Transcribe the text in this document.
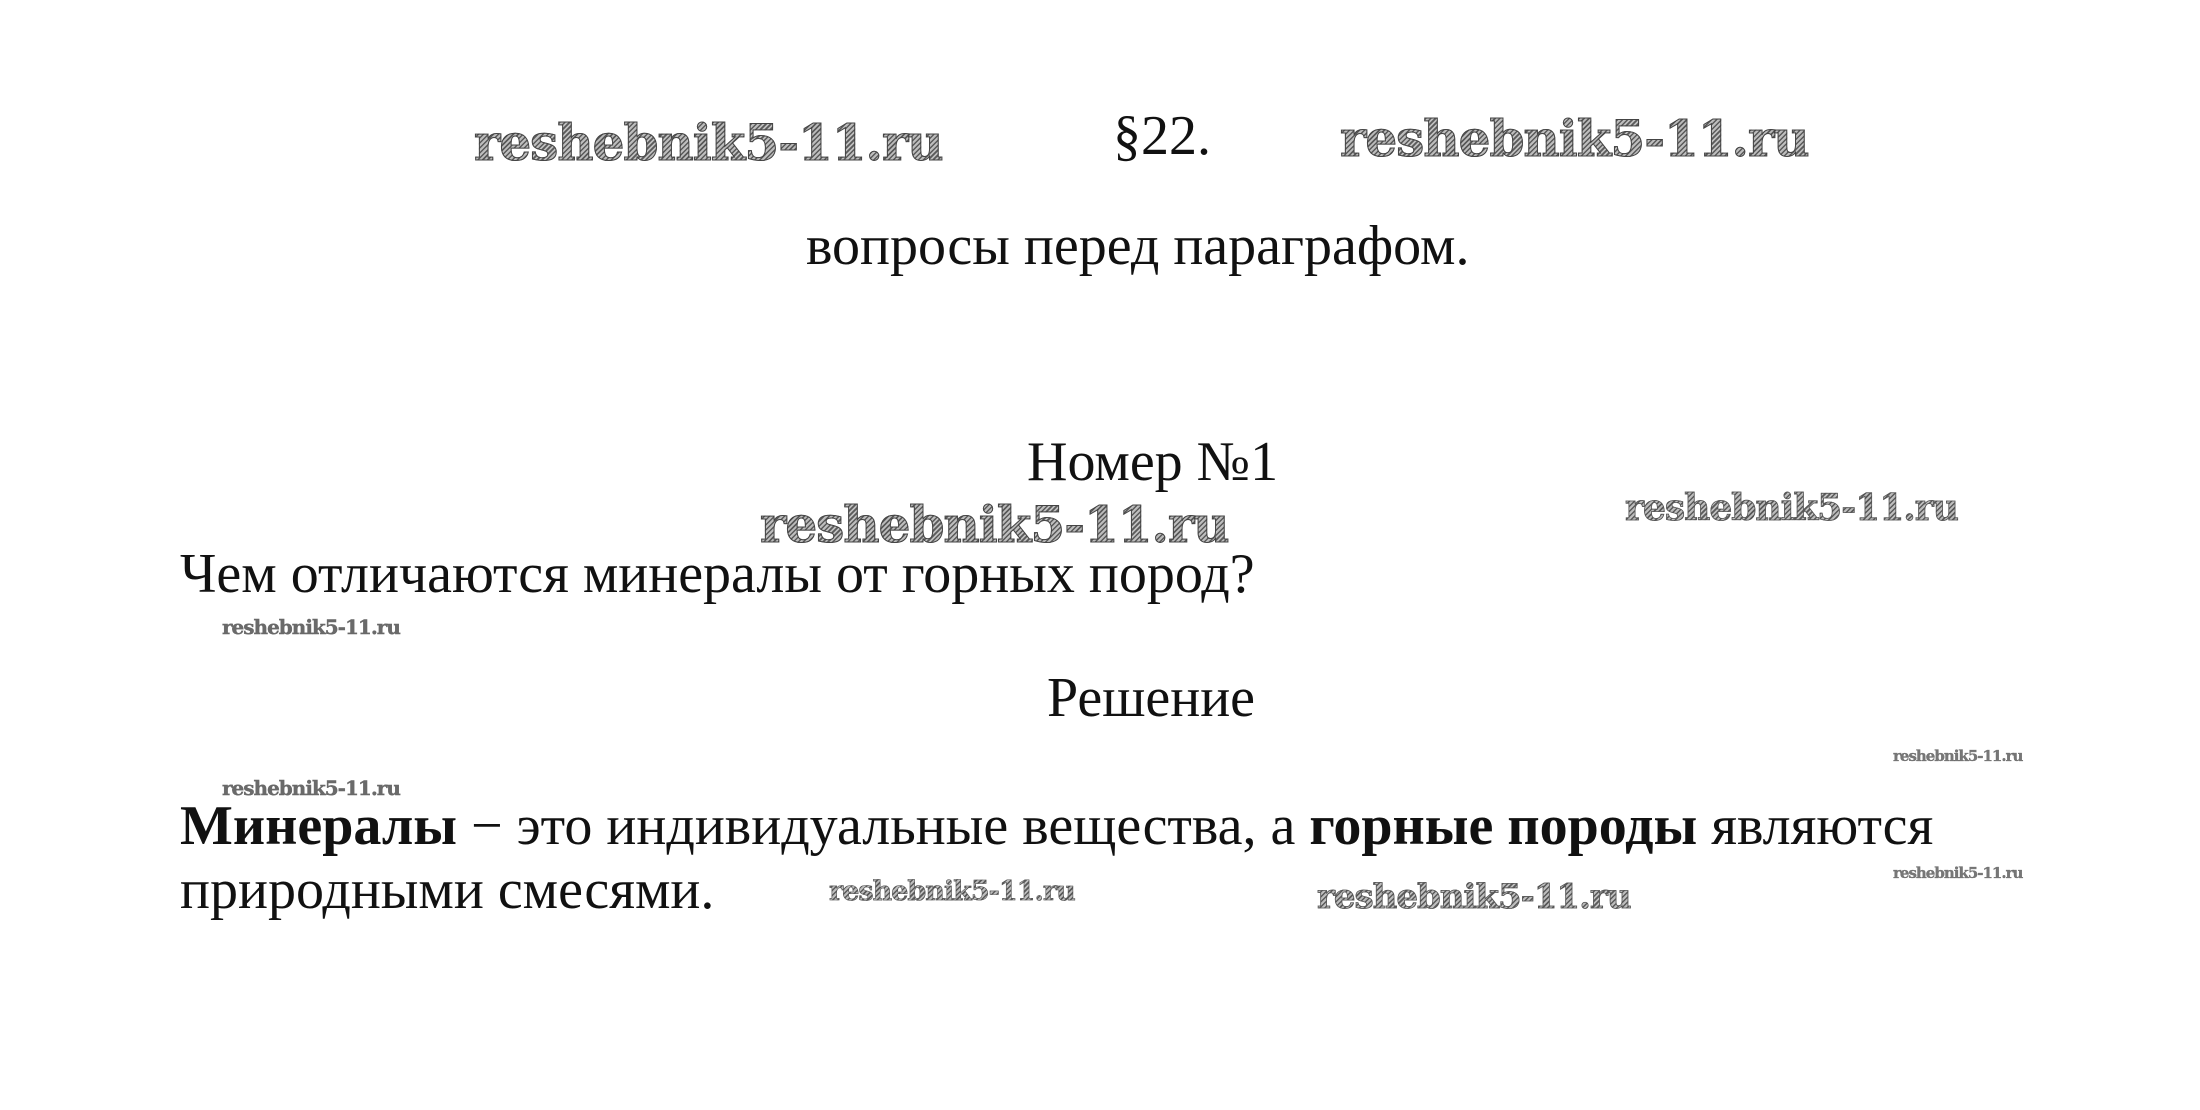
reshebnik5-11.ru	§22.	reshebnik5-11.ru
вопросы перед параграфом.
Номер №1
reshebnik5-11.ru	reshebnik5-11.ru
Чем отличаются минералы от горных пород?
reshebnik5-11.ru
Решение
reshebnik5-11.ru
reshebnik5-11.ru
Минералы − это индивидуальные вещества, а горные породы являются
природными смесями.	reshebnik5-11.ru
reshebnik5-11.ru	reshebnik5-11.ru
